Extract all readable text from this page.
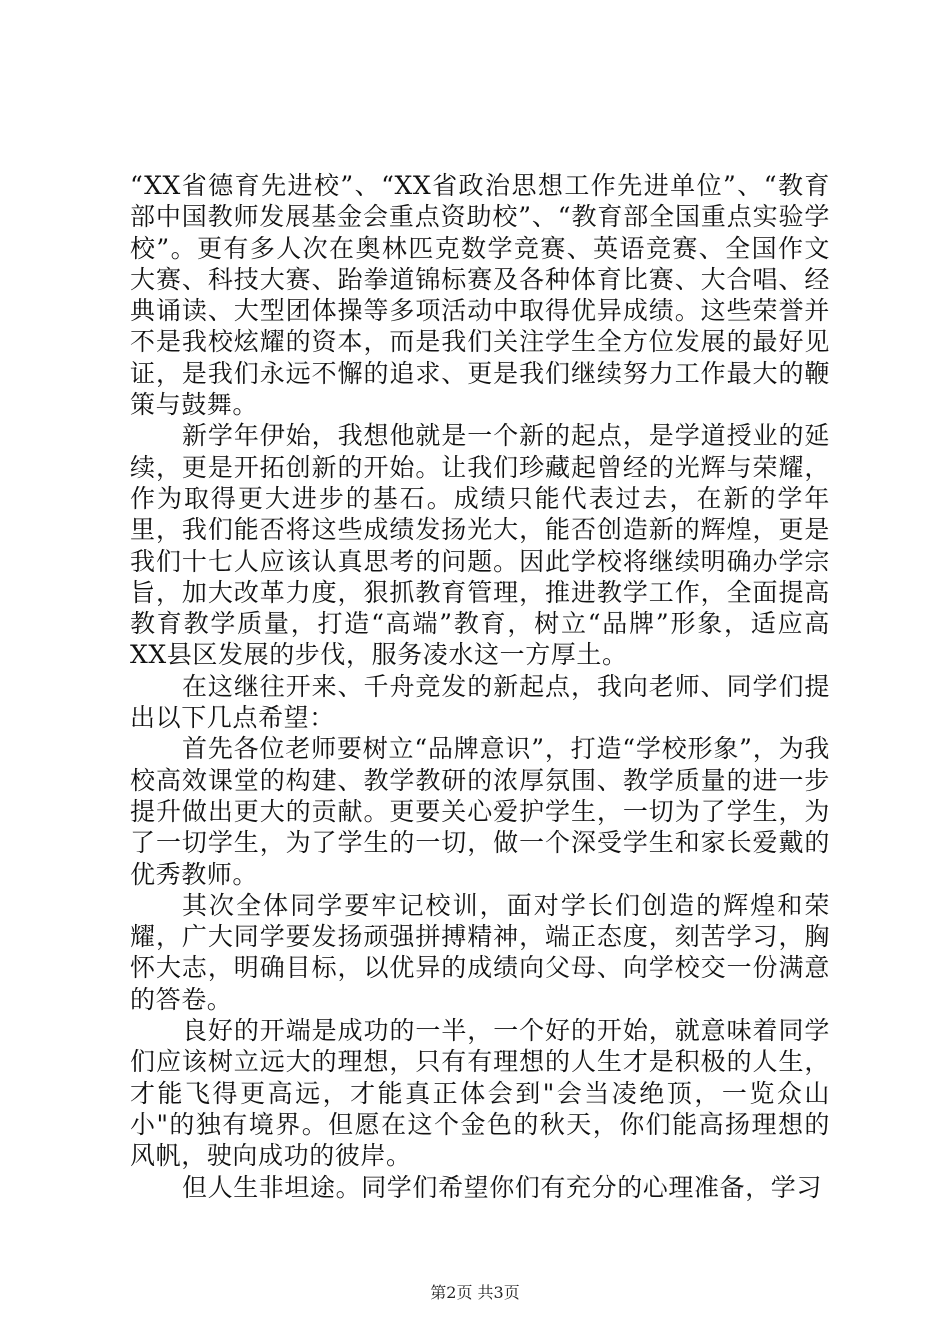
“XX省德育先进校”、“XX省政治思想工作先进单位”、“教育部中国教师发展基金会重点资助校”、“教育部全国重点实验学校”。更有多人次在奥林匹克数学竞赛、英语竞赛、全国作文大赛、科技大赛、跆拳道锦标赛及各种体育比赛、大合唱、经典诵读、大型团体操等多项活动中取得优异成绩。这些荣誉并不是我校炫耀的资本，而是我们关注学生全方位发展的最好见证，是我们永远不懈的追求、更是我们继续努力工作最大的鞭策与鼓舞。

新学年伊始，我想他就是一个新的起点，是学道授业的延续，更是开拓创新的开始。让我们珍藏起曾经的光辉与荣耀，作为取得更大进步的基石。成绩只能代表过去，在新的学年里，我们能否将这些成绩发扬光大，能否创造新的辉煌，更是我们十七人应该认真思考的问题。因此学校将继续明确办学宗旨，加大改革力度，狠抓教育管理，推进教学工作，全面提高教育教学质量，打造“高端”教育，树立“品牌”形象，适应高XX县区发展的步伐，服务凌水这一方厚土。

在这继往开来、千舟竞发的新起点，我向老师、同学们提出以下几点希望：

首先各位老师要树立“品牌意识”，打造“学校形象”，为我校高效课堂的构建、教学教研的浓厚氛围、教学质量的进一步提升做出更大的贡献。更要关心爱护学生，一切为了学生，为了一切学生，为了学生的一切，做一个深受学生和家长爱戴的优秀教师。

其次全体同学要牢记校训，面对学长们创造的辉煌和荣耀，广大同学要发扬顽强拼搏精神，端正态度，刻苦学习，胸怀大志，明确目标，以优异的成绩向父母、向学校交一份满意的答卷。

良好的开端是成功的一半，一个好的开始，就意味着同学们应该树立远大的理想，只有有理想的人生才是积极的人生，才能飞得更高远，才能真正体会到"会当凌绝顶，一览众山小"的独有境界。但愿在这个金色的秋天，你们能高扬理想的风帆，驶向成功的彼岸。

但人生非坦途。同学们希望你们有充分的心理准备，学习

第2页 共3页
